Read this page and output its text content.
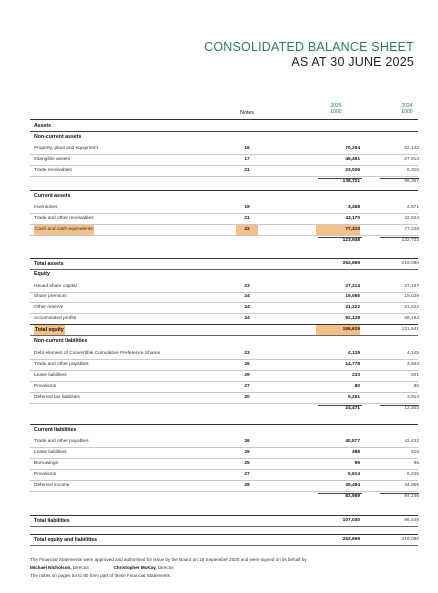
CONSOLIDATED BALANCE SHEET
AS AT 30 JUNE 2025
Notes
2025
£000
2024
£000
Assets
Non-current assets
Property, plant and equipment	16	70,204	62,143
Intangible assets	17	45,491	27,914
Trade receivables	21	23,026	6,310
138,721	96,367
Current assets
Inventories	19	3,468	2,871
Trade and other receivables	21	43,170	42,624
Cash and cash equivalents	22	77,310	77,228
123,948	122,723
Total assets	262,669	219,090
Equity
Issued share capital	23	27,214	27,197
Share premium	24	15,065	15,028
Other reserve	24	21,222	21,222
Accumulated profits	24	92,128	58,194
Total equity	155,629	121,641
Non-current liabilities
Debt element of Convertible Cumulative Preference Shares	23	4,129	4,145
Trade and other payables	26	14,778	3,663
Lease liabilities	29	233	501
Provisions	27	80	80
Deferred tax liabilities	20	5,251	3,914
24,471	12,303
Current liabilities
Trade and other payables	26	40,877	42,432
Lease liabilities	29	488	518
Borrowings	25	96	96
Provisions	27	5,614	6,245
Deferred income	28	35,494	34,855
82,569	84,146
Total liabilities	107,040	96,449
Total equity and liabilities	262,669	218,090
The Financial Statements were approved and authorised for issue by the Board on 19 September 2025 and were signed on its behalf by
Michael Nicholson, Director	Christopher McKay, Director
The notes on pages 54 to 80 form part of these Financial Statements.
